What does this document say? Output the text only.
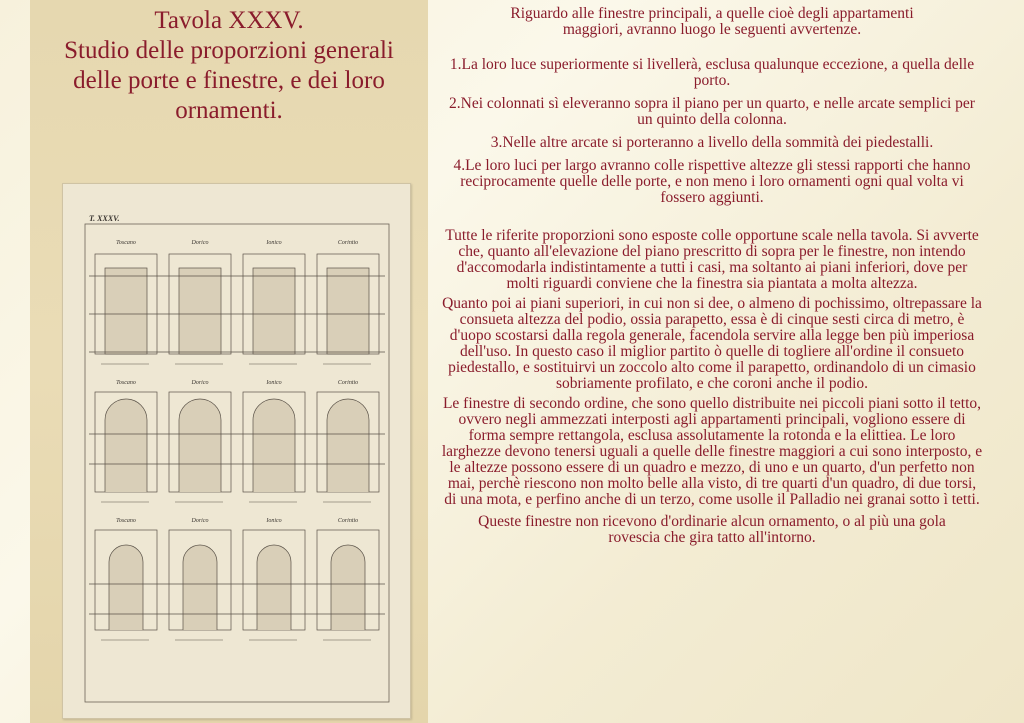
Tavola XXXV.
Studio delle proporzioni generali
delle porte e finestre, e dei loro
ornamenti.
T. XXXV.
Toscano	Dorico	Ionico	Corintio
Toscano	Dorico	Ionico	Corintio
Toscano	Dorico	Ionico	Corintio

Riguardo alle finestre principali, a quelle cioè degli appartamenti maggiori, avranno luogo le seguenti avvertenze.

1.La loro luce superiormente si livellerà, esclusa qualunque eccezione, a quella delle porto.

2.Nei colonnati sì eleveranno sopra il piano per un quarto, e nelle arcate semplici per un quinto della colonna.

3.Nelle altre arcate si porteranno a livello della sommità dei piedestalli.

4.Le loro luci per largo avranno colle rispettive altezze gli stessi rapporti che hanno reciprocamente quelle delle porte, e non meno i loro ornamenti ogni qual volta vi fossero aggiunti.

Tutte le riferite proporzioni sono esposte colle opportune scale nella tavola. Si avverte che, quanto all'elevazione del piano prescritto di sopra per le finestre, non intendo d'accomodarla indistintamente a tutti i casi, ma soltanto ai piani inferiori, dove per molti riguardi conviene che la finestra sia piantata a molta altezza.

Quanto poi ai piani superiori, in cui non si dee, o almeno di pochissimo, oltrepassare la consueta altezza del podio, ossia parapetto, essa è di cinque sesti circa di metro, è d'uopo scostarsi dalla regola generale, facendola servire alla legge ben più imperiosa dell'uso. In questo caso il miglior partito ò quelle di togliere all'ordine il consueto piedestallo, e sostituirvi un zoccolo alto come il parapetto, ordinandolo di un cimasio sobriamente profilato, e che coroni anche il podio.

Le finestre di secondo ordine, che sono quello distribuite nei piccoli piani sotto il tetto, ovvero negli ammezzati interposti agli appartamenti principali, vogliono essere di forma sempre rettangola, esclusa assolutamente la rotonda e la elittiea. Le loro larghezze devono tenersi uguali a quelle delle finestre maggiori a cui sono interposto, e le altezze possono essere di un quadro e mezzo, di uno e un quarto, d'un perfetto non mai, perchè riescono non molto belle alla visto, di tre quarti d'un quadro, di due torsi, di una mota, e perfino anche di un terzo, come usolle il Palladio nei granai sotto ì tetti.

Queste finestre non ricevono d'ordinarie alcun ornamento, o al più una gola rovescia che gira tatto all'intorno.
